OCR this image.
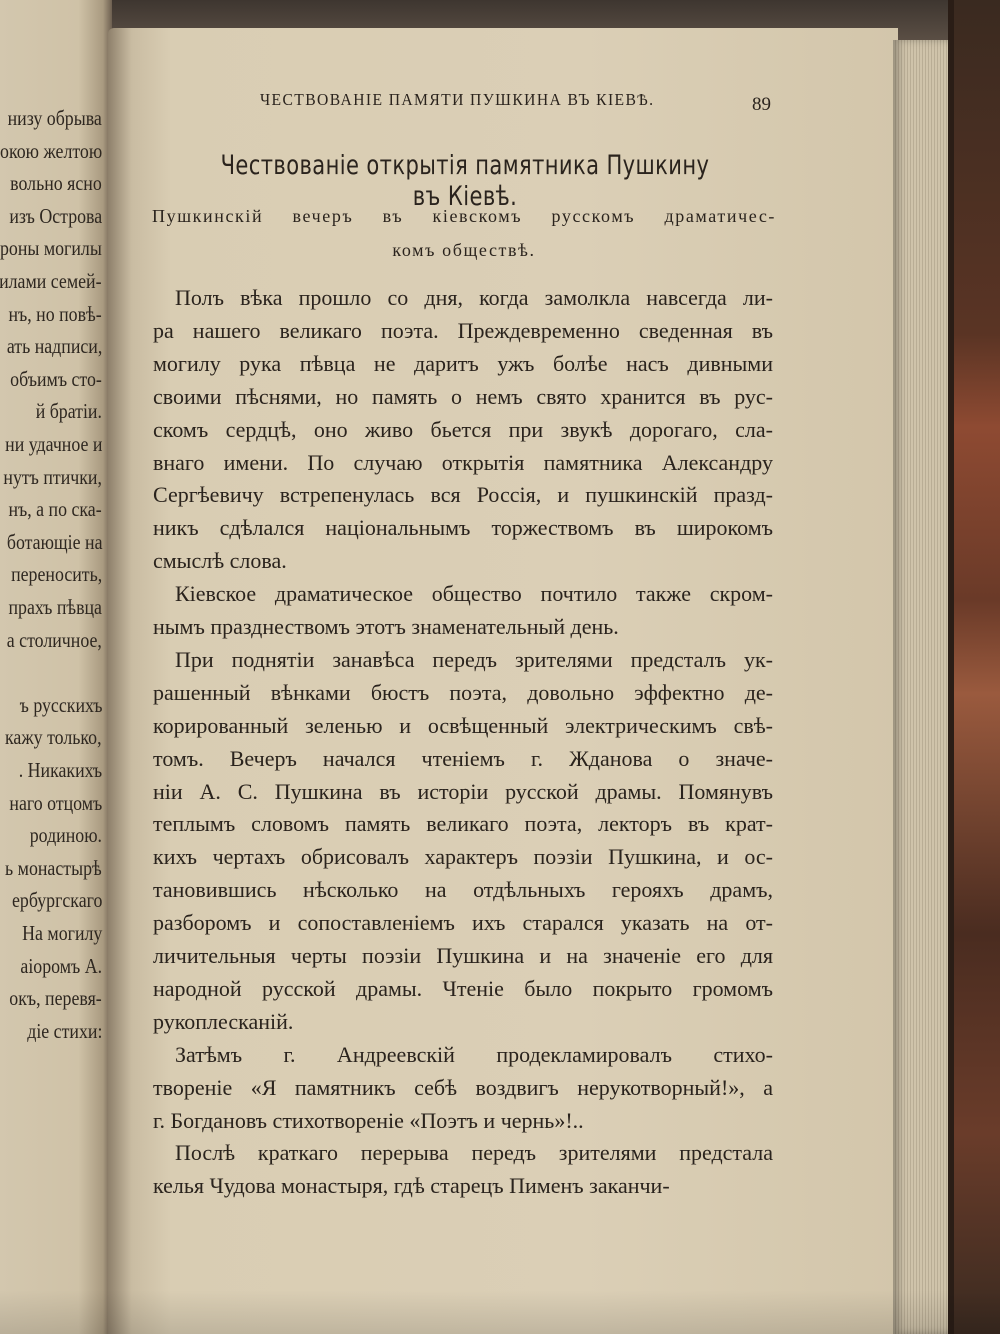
низу обрыва
окою желтою
вольно ясно
изъ Острова
роны могилы
илами семей-
нъ, но повѣ-
ать надписи,
объимъ сто-
й братіи.
ни удачное и
нутъ птички,
нъ, а по ска-
ботающіе на
переносить,
прахъ пѣвца
а столичное,
ъ русскихъ
кажу только,
. Никакихъ
наго отцомъ
родиною.
ь монастырѣ
ербургскаго
На могилу
аіоромъ А.
окъ, перевя-
діе стихи:
ЧЕСТВОВАНІЕ ПАМЯТИ ПУШКИНА ВЪ КІЕВѢ.	89
Чествованіе открытія памятника Пушкину въ Кіевѣ.
Пушкинскій вечеръ въ кіевскомъ русскомъ драматичес-
комъ обществѣ.
Полъ вѣка прошло со дня, когда замолкла навсегда ли-
ра нашего великаго поэта. Преждевременно сведенная въ
могилу рука пѣвца не даритъ ужъ болѣе насъ дивными
своими пѣснями, но память о немъ свято хранится въ рус-
скомъ сердцѣ, оно живо бьется при звукѣ дорогаго, сла-
внаго имени. По случаю открытія памятника Александру
Сергѣевичу встрепенулась вся Россія, и пушкинскій празд-
никъ сдѣлался національнымъ торжествомъ въ широкомъ
смыслѣ слова.
Кіевское драматическое общество почтило также скром-
нымъ празднествомъ этотъ знаменательный день.
При поднятіи занавѣса передъ зрителями предсталъ ук-
рашенный вѣнками бюстъ поэта, довольно эффектно де-
корированный зеленью и освѣщенный электрическимъ свѣ-
томъ. Вечеръ начался чтеніемъ г. Жданова о значе-
ніи А. С. Пушкина въ исторіи русской драмы. Помянувъ
теплымъ словомъ память великаго поэта, лекторъ въ крат-
кихъ чертахъ обрисовалъ характеръ поэзіи Пушкина, и ос-
тановившись нѣсколько на отдѣльныхъ герояхъ драмъ,
разборомъ и сопоставленіемъ ихъ старался указать на от-
личительныя черты поэзіи Пушкина и на значеніе его для
народной русской драмы. Чтеніе было покрыто громомъ
рукоплесканій.
Затѣмъ г. Андреевскій продекламировалъ стихо-
твореніе «Я памятникъ себѣ воздвигъ нерукотворный!», а
г. Богдановъ стихотвореніе «Поэтъ и чернь»!..
Послѣ краткаго перерыва передъ зрителями предстала
келья Чудова монастыря, гдѣ старецъ Пименъ заканчи-
